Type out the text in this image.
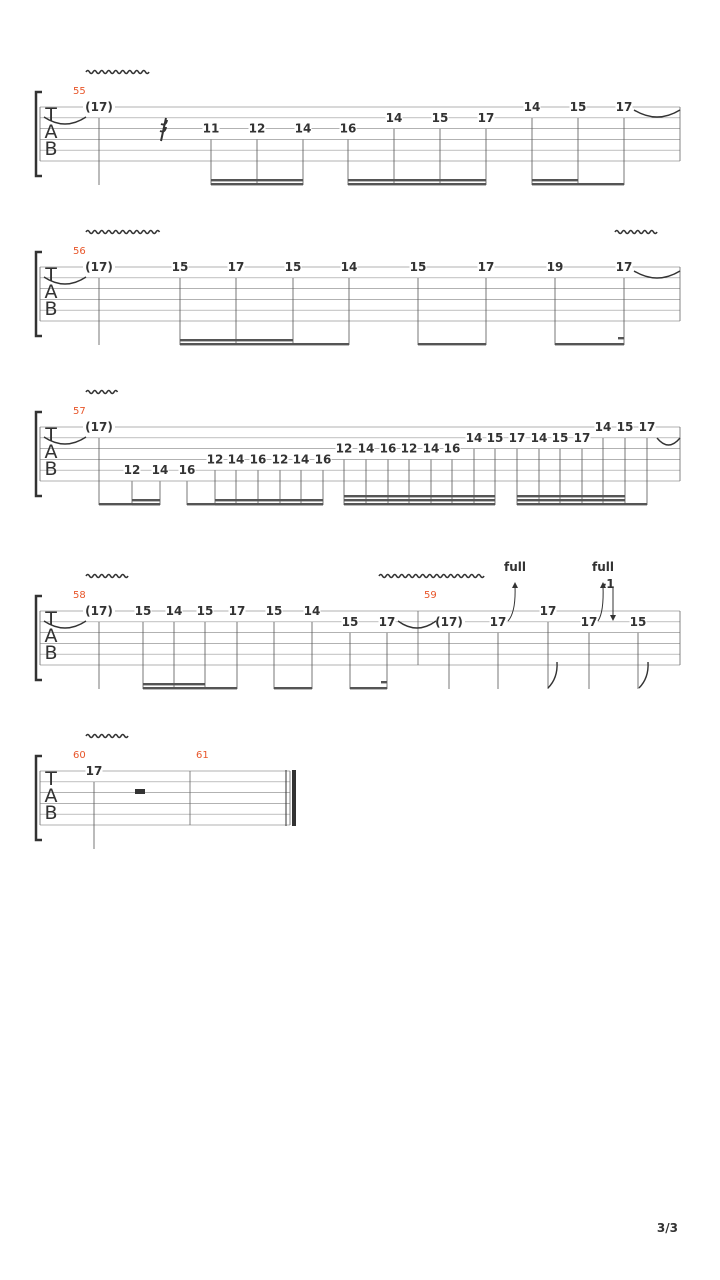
T
A
B
55
(17)
11 12 14 16
14 15 17
14 15 17
T
A
B
56
(17)	15	17	15	14	15	17	19	17
T
A
B
57
(17)
12 14 16
12 14 16 12 14 16
12 14 16 12 14 16
14 15 17 14 15 17
14 15 17
T
A
B
58	59
(17) 15 14 15 17 15 14
15 17	(17) 17
17
17	15
T
A
B
60	61
17
full	full
-1
3/3
